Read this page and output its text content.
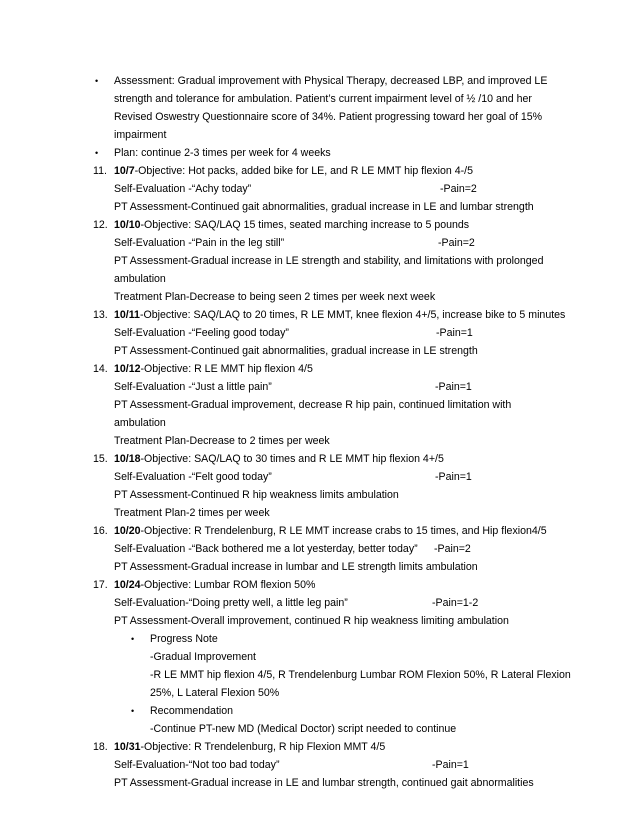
• Assessment: Gradual improvement with Physical Therapy, decreased LBP, and improved LE
strength and tolerance for ambulation. Patient’s current impairment level of ½ /10 and her
Revised Oswestry Questionnaire score of 34%. Patient progressing toward her goal of 15%
impairment
• Plan: continue 2-3 times per week for 4 weeks
11. 10/7-Objective: Hot packs, added bike for LE, and R LE MMT hip flexion 4-/5
Self-Evaluation -“Achy today”	-Pain=2
PT Assessment-Continued gait abnormalities, gradual increase in LE and lumbar strength
12. 10/10-Objective: SAQ/LAQ 15 times, seated marching increase to 5 pounds
Self-Evaluation -“Pain in the leg still”	-Pain=2
PT Assessment-Gradual increase in LE strength and stability, and limitations with prolonged
ambulation
Treatment Plan-Decrease to being seen 2 times per week next week
13. 10/11-Objective: SAQ/LAQ to 20 times, R LE MMT, knee flexion 4+/5, increase bike to 5 minutes
Self-Evaluation -“Feeling good today”	-Pain=1
PT Assessment-Continued gait abnormalities, gradual increase in LE strength
14. 10/12-Objective: R LE MMT hip flexion 4/5
Self-Evaluation -“Just a little pain”	-Pain=1
PT Assessment-Gradual improvement, decrease R hip pain, continued limitation with
ambulation
Treatment Plan-Decrease to 2 times per week
15. 10/18-Objective: SAQ/LAQ to 30 times and R LE MMT hip flexion 4+/5
Self-Evaluation -“Felt good today”	-Pain=1
PT Assessment-Continued R hip weakness limits ambulation
Treatment Plan-2 times per week
16. 10/20-Objective: R Trendelenburg, R LE MMT increase crabs to 15 times, and Hip flexion4/5
Self-Evaluation -“Back bothered me a lot yesterday, better today” -Pain=2
PT Assessment-Gradual increase in lumbar and LE strength limits ambulation
17. 10/24-Objective: Lumbar ROM flexion 50%
Self-Evaluation-“Doing pretty well, a little leg pain”	-Pain=1-2
PT Assessment-Overall improvement, continued R hip weakness limiting ambulation
• Progress Note
-Gradual Improvement
-R LE MMT hip flexion 4/5, R Trendelenburg Lumbar ROM Flexion 50%, R Lateral Flexion
25%, L Lateral Flexion 50%
• Recommendation
-Continue PT-new MD (Medical Doctor) script needed to continue
18. 10/31-Objective: R Trendelenburg, R hip Flexion MMT 4/5
Self-Evaluation-“Not too bad today”	-Pain=1
PT Assessment-Gradual increase in LE and lumbar strength, continued gait abnormalities
